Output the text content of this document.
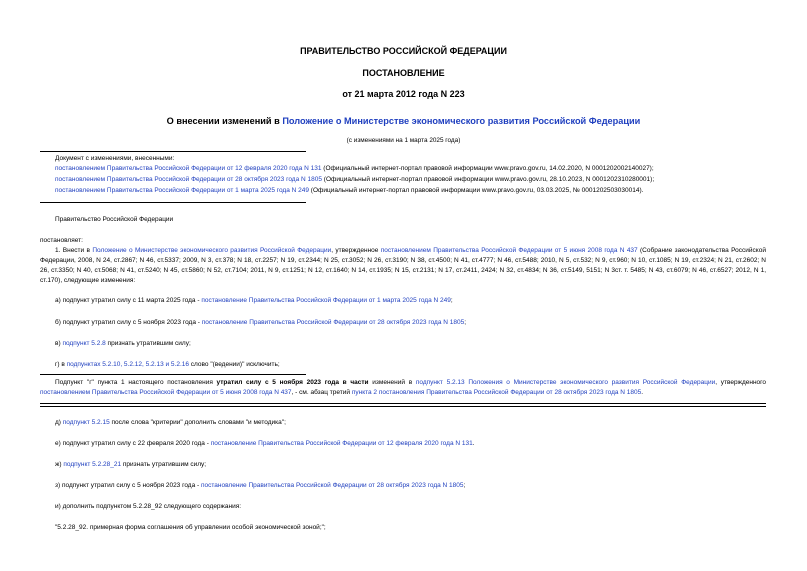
ПРАВИТЕЛЬСТВО РОССИЙСКОЙ ФЕДЕРАЦИИ
ПОСТАНОВЛЕНИЕ
от 21 марта 2012 года N 223
О внесении изменений в Положение о Министерстве экономического развития Российской Федерации
(с изменениями на 1 марта 2025 года)
Документ с изменениями, внесенными:
постановлением Правительства Российской Федерации от 12 февраля 2020 года N 131 (Официальный интернет-портал правовой информации www.pravo.gov.ru, 14.02.2020, N 0001202002140027);
постановлением Правительства Российской Федерации от 28 октября 2023 года N 1805 (Официальный интернет-портал правовой информации www.pravo.gov.ru, 28.10.2023, N 0001202310280001);
постановлением Правительства Российской Федерации от 1 марта 2025 года N 249 (Официальный интернет-портал правовой информации www.pravo.gov.ru, 03.03.2025, № 0001202503030014).
Правительство Российской Федерации
постановляет:
1. Внести в Положение о Министерстве экономического развития Российской Федерации, утвержденное постановлением Правительства Российской Федерации от 5 июня 2008 года N 437 (Собрание законодательства Российской Федерации, 2008, N 24, ст.2867; N 46, ст.5337; 2009, N 3, ст.378; N 18, ст.2257; N 19, ст.2344; N 25, ст.3052; N 26, ст.3190; N 38, ст.4500; N 41, ст.4777; N 46, ст.5488; 2010, N 5, ст.532; N 9, ст.960; N 10, ст.1085; N 19, ст.2324; N 21, ст.2602; N 26, ст.3350; N 40, ст.5068; N 41, ст.5240; N 45, ст.5860; N 52, ст.7104; 2011, N 9, ст.1251; N 12, ст.1640; N 14, ст.1935; N 15, ст.2131; N 17, ст.2411, 2424; N 32, ст.4834; N 36, ст.5149, 5151; N 3ст. т. 5485; N 43, ст.6079; N 46, ст.6527; 2012, N 1, ст.170), следующие изменения:
а) подпункт утратил силу с 11 марта 2025 года - постановление Правительства Российской Федерации от 1 марта 2025 года N 249;
б) подпункт утратил силу с 5 ноября 2023 года - постановление Правительства Российской Федерации от 28 октября 2023 года N 1805;
в) подпункт 5.2.8 признать утратившим силу;
г) в подпунктах 5.2.10, 5.2.12, 5.2.13 и 5.2.16 слово "(ведении)" исключить;
Подпункт "г" пункта 1 настоящего постановления утратил силу с 5 ноября 2023 года в части изменений в подпункт 5.2.13 Положения о Министерстве экономического развития Российской Федерации, утвержденного постановлением Правительства Российской Федерации от 5 июня 2008 года N 437, - см. абзац третий пункта 2 постановления Правительства Российской Федерации от 28 октября 2023 года N 1805.
д) подпункт 5.2.15 после слова "критерии" дополнить словами "и методика";
е) подпункт утратил силу с 22 февраля 2020 года - постановление Правительства Российской Федерации от 12 февраля 2020 года N 131.
ж) подпункт 5.2.28_21 признать утратившим силу;
з) подпункт утратил силу с 5 ноября 2023 года - постановление Правительства Российской Федерации от 28 октября 2023 года N 1805;
и) дополнить подпунктом 5.2.28_92 следующего содержания:
"5.2.28_92. примерная форма соглашения об управлении особой экономической зоной;";
